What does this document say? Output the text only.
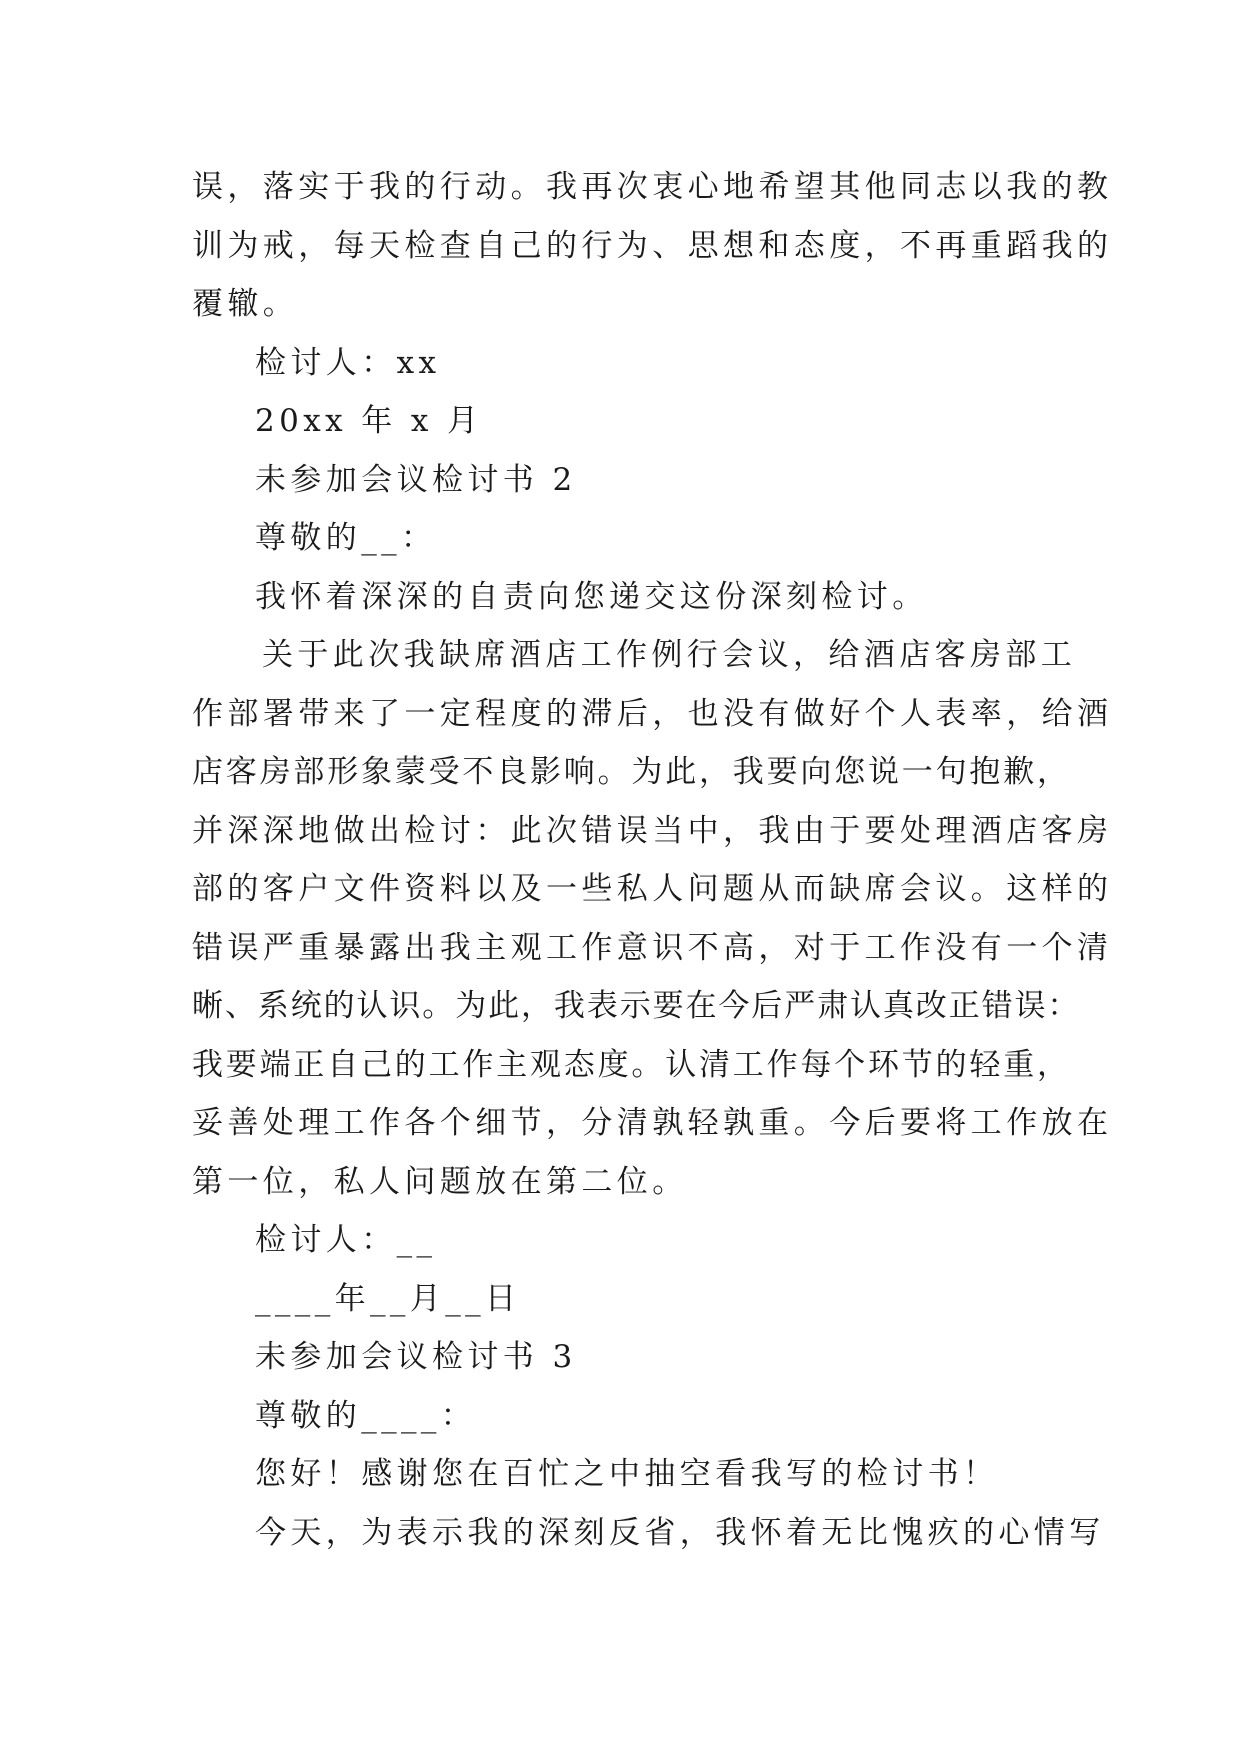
误，落实于我的行动。我再次衷心地希望其他同志以我的教
训为戒，每天检查自己的行为、思想和态度，不再重蹈我的
覆辙。
检讨人：xx
20xx 年 x 月
未参加会议检讨书 2
尊敬的__：
我怀着深深的自责向您递交这份深刻检讨。
关于此次我缺席酒店工作例行会议，给酒店客房部工
作部署带来了一定程度的滞后，也没有做好个人表率，给酒
店客房部形象蒙受不良影响。为此，我要向您说一句抱歉，
并深深地做出检讨：此次错误当中，我由于要处理酒店客房
部的客户文件资料以及一些私人问题从而缺席会议。这样的
错误严重暴露出我主观工作意识不高，对于工作没有一个清
晰、系统的认识。为此，我表示要在今后严肃认真改正错误：
我要端正自己的工作主观态度。认清工作每个环节的轻重，
妥善处理工作各个细节，分清孰轻孰重。今后要将工作放在
第一位，私人问题放在第二位。
检讨人：__
____年__月__日
未参加会议检讨书 3
尊敬的____：
您好！感谢您在百忙之中抽空看我写的检讨书！
今天，为表示我的深刻反省，我怀着无比愧疚的心情写
